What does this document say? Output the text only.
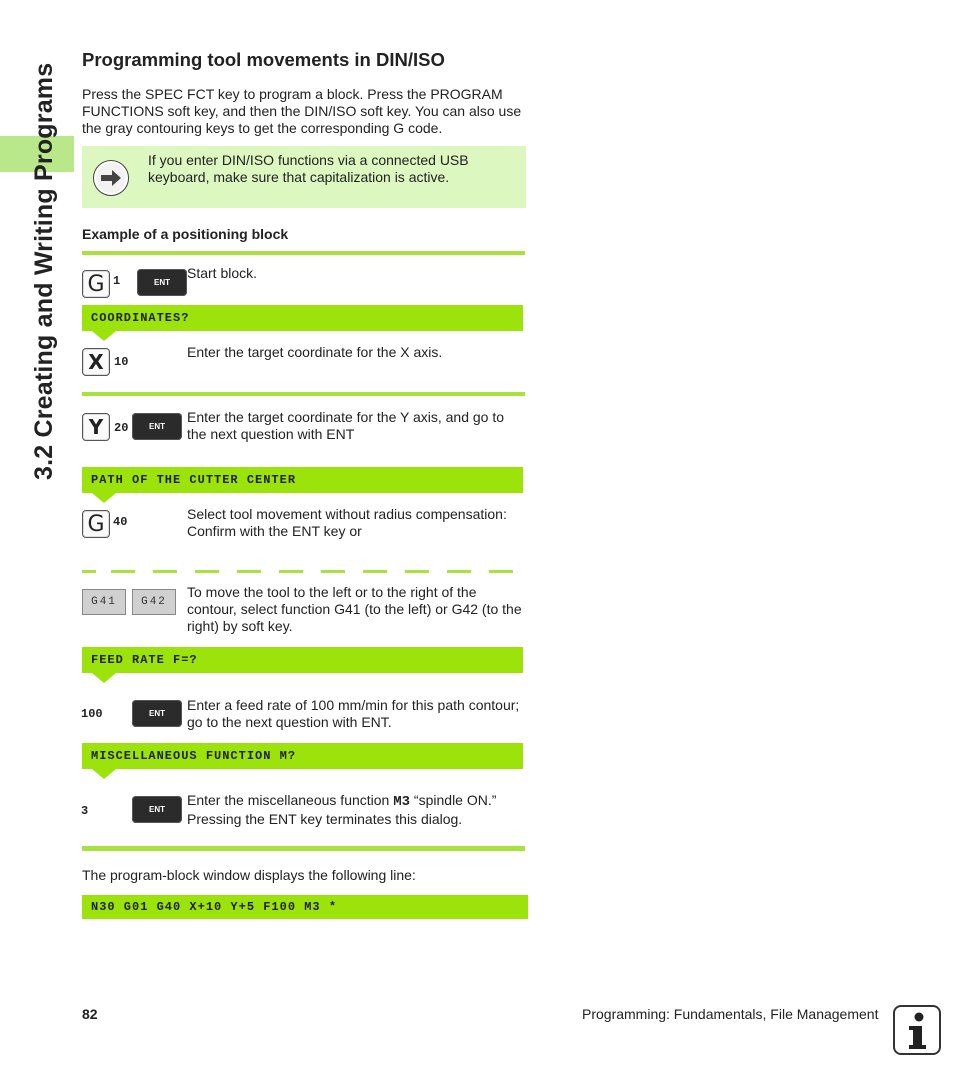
3.2 Creating and Writing Programs
Programming tool movements in DIN/ISO
Press the SPEC FCT key to program a block. Press the PROGRAM FUNCTIONS soft key, and then the DIN/ISO soft key. You can also use the gray contouring keys to get the corresponding G code.
If you enter DIN/ISO functions via a connected USB keyboard, make sure that capitalization is active.
Example of a positioning block
G 1	ENT
Start block.
COORDINATES?
X 10
Enter the target coordinate for the X axis.
Y 20	ENT
Enter the target coordinate for the Y axis, and go to the next question with ENT
PATH OF THE CUTTER CENTER
G 40	Select tool movement without radius compensation: Confirm with the ENT key or
G41	G42
To move the tool to the left or to the right of the contour, select function G41 (to the left) or G42 (to the right) by soft key.
FEED RATE F=?
100	ENT
Enter a feed rate of 100 mm/min for this path contour; go to the next question with ENT.
MISCELLANEOUS FUNCTION M?
3	ENT
Enter the miscellaneous function M3 “spindle ON.” Pressing the ENT key terminates this dialog.
The program-block window displays the following line:
N30 G01 G40 X+10 Y+5 F100 M3 *
82	Programming: Fundamentals, File Management
